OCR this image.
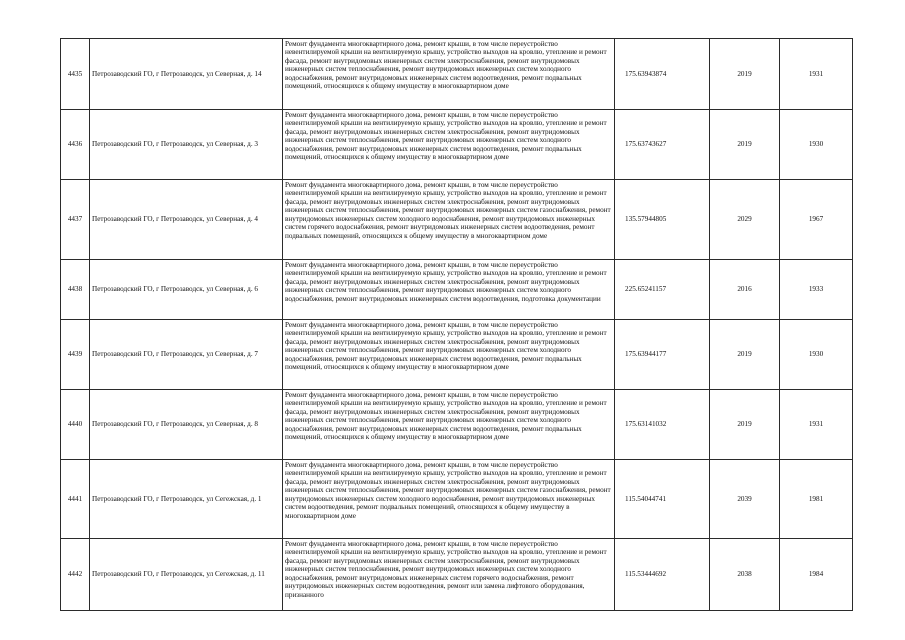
4435	Петрозаводский ГО, г Петрозаводск, ул Северная, д. 14	Ремонт фундамента многоквартирного дома, ремонт крыши, в том числе переустройство невентилируемой крыши на вентилируемую крышу, устройство выходов на кровлю, утепление и ремонт фасада, ремонт внутридомовых инженерных систем электроснабжения, ремонт внутридомовых инженерных систем теплоснабжения, ремонт внутридомовых инженерных систем холодного водоснабжения, ремонт внутридомовых инженерных систем водоотведения, ремонт подвальных помещений, относящихся к общему имуществу в многоквартирном доме	175.63943874	2019	1931
4436	Петрозаводский ГО, г Петрозаводск, ул Северная, д. 3	Ремонт фундамента многоквартирного дома, ремонт крыши, в том числе переустройство невентилируемой крыши на вентилируемую крышу, устройство выходов на кровлю, утепление и ремонт фасада, ремонт внутридомовых инженерных систем электроснабжения, ремонт внутридомовых инженерных систем теплоснабжения, ремонт внутридомовых инженерных систем холодного водоснабжения, ремонт внутридомовых инженерных систем водоотведения, ремонт подвальных помещений, относящихся к общему имуществу в многоквартирном доме	175.63743627	2019	1930
4437	Петрозаводский ГО, г Петрозаводск, ул Северная, д. 4	Ремонт фундамента многоквартирного дома, ремонт крыши, в том числе переустройство невентилируемой крыши на вентилируемую крышу, устройство выходов на кровлю, утепление и ремонт фасада, ремонт внутридомовых инженерных систем электроснабжения, ремонт внутридомовых инженерных систем теплоснабжения, ремонт внутридомовых инженерных систем газоснабжения, ремонт внутридомовых инженерных систем холодного водоснабжения, ремонт внутридомовых инженерных систем горячего водоснабжения, ремонт внутридомовых инженерных систем водоотведения, ремонт подвальных помещений, относящихся к общему имуществу в многоквартирном доме	135.57944805	2029	1967
4438	Петрозаводский ГО, г Петрозаводск, ул Северная, д. 6	Ремонт фундамента многоквартирного дома, ремонт крыши, в том числе переустройство невентилируемой крыши на вентилируемую крышу, устройство выходов на кровлю, утепление и ремонт фасада, ремонт внутридомовых инженерных систем электроснабжения, ремонт внутридомовых инженерных систем теплоснабжения, ремонт внутридомовых инженерных систем холодного водоснабжения, ремонт внутридомовых инженерных систем водоотведения, подготовка документации	225.65241157	2016	1933
4439	Петрозаводский ГО, г Петрозаводск, ул Северная, д. 7	Ремонт фундамента многоквартирного дома, ремонт крыши, в том числе переустройство невентилируемой крыши на вентилируемую крышу, устройство выходов на кровлю, утепление и ремонт фасада, ремонт внутридомовых инженерных систем электроснабжения, ремонт внутридомовых инженерных систем теплоснабжения, ремонт внутридомовых инженерных систем холодного водоснабжения, ремонт внутридомовых инженерных систем водоотведения, ремонт подвальных помещений, относящихся к общему имуществу в многоквартирном доме	175.63944177	2019	1930
4440	Петрозаводский ГО, г Петрозаводск, ул Северная, д. 8	Ремонт фундамента многоквартирного дома, ремонт крыши, в том числе переустройство невентилируемой крыши на вентилируемую крышу, устройство выходов на кровлю, утепление и ремонт фасада, ремонт внутридомовых инженерных систем электроснабжения, ремонт внутридомовых инженерных систем теплоснабжения, ремонт внутридомовых инженерных систем холодного водоснабжения, ремонт внутридомовых инженерных систем водоотведения, ремонт подвальных помещений, относящихся к общему имуществу в многоквартирном доме	175.63141032	2019	1931
4441	Петрозаводский ГО, г Петрозаводск, ул Сегежская, д. 1	Ремонт фундамента многоквартирного дома, ремонт крыши, в том числе переустройство невентилируемой крыши на вентилируемую крышу, устройство выходов на кровлю, утепление и ремонт фасада, ремонт внутридомовых инженерных систем электроснабжения, ремонт внутридомовых инженерных систем теплоснабжения, ремонт внутридомовых инженерных систем газоснабжения, ремонт внутридомовых инженерных систем холодного водоснабжения, ремонт внутридомовых инженерных систем водоотведения, ремонт подвальных помещений, относящихся к общему имуществу в многоквартирном доме	115.54044741	2039	1981
4442	Петрозаводский ГО, г Петрозаводск, ул Сегежская, д. 11	Ремонт фундамента многоквартирного дома, ремонт крыши, в том числе переустройство невентилируемой крыши на вентилируемую крышу, устройство выходов на кровлю, утепление и ремонт фасада, ремонт внутридомовых инженерных систем электроснабжения, ремонт внутридомовых инженерных систем теплоснабжения, ремонт внутридомовых инженерных систем холодного водоснабжения, ремонт внутридомовых инженерных систем горячего водоснабжения, ремонт внутридомовых инженерных систем водоотведения, ремонт или замена лифтового оборудования, признанного	115.53444692	2038	1984
